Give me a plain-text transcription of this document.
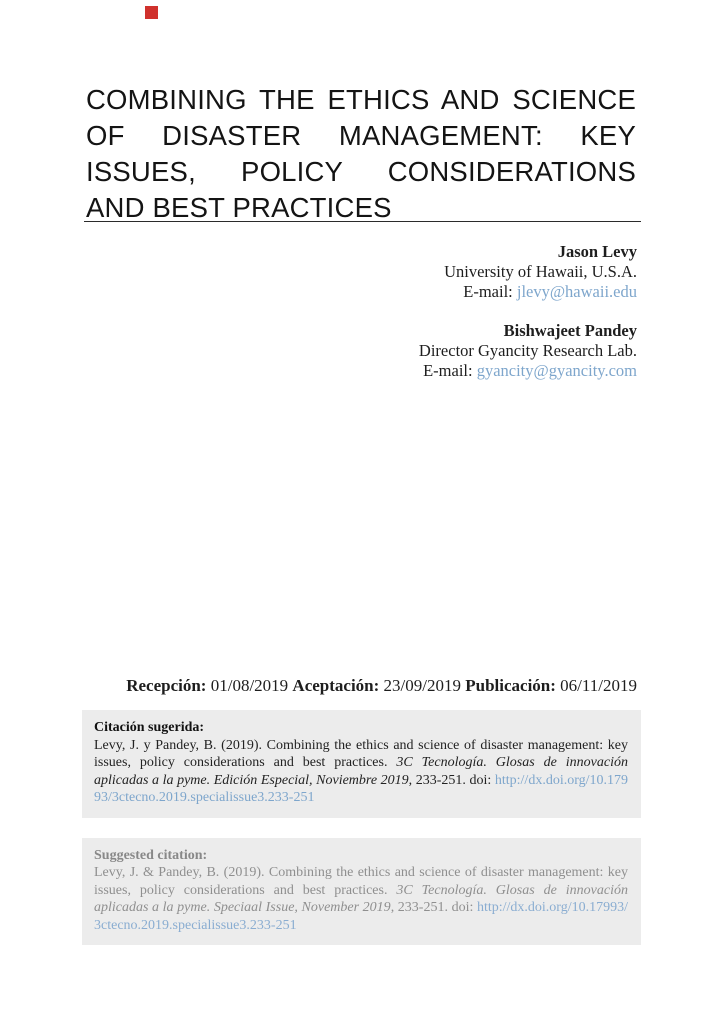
COMBINING THE ETHICS AND SCIENCE
OF DISASTER MANAGEMENT: KEY
ISSUES, POLICY CONSIDERATIONS
AND BEST PRACTICES
Jason Levy
University of Hawaii, U.S.A.
E-mail: jlevy@hawaii.edu
Bishwajeet Pandey
Director Gyancity Research Lab.
E-mail: gyancity@gyancity.com
Recepción: 01/08/2019 Aceptación: 23/09/2019 Publicación: 06/11/2019
Citación sugerida:

Levy, J. y Pandey, B. (2019). Combining the ethics and science of disaster management: key issues, policy considerations and best practices. 3C Tecnología. Glosas de innovación aplicadas a la pyme. Edición Especial, Noviembre 2019, 233-251. doi: http://dx.doi.org/10.17993/3ctecno.2019.specialissue3.233-251

Suggested citation:

Levy, J. & Pandey, B. (2019). Combining the ethics and science of disaster management: key issues, policy considerations and best practices. 3C Tecnología. Glosas de innovación aplicadas a la pyme. Speciaal Issue, November 2019, 233-251. doi: http://dx.doi.org/10.17993/3ctecno.2019.specialissue3.233-251
